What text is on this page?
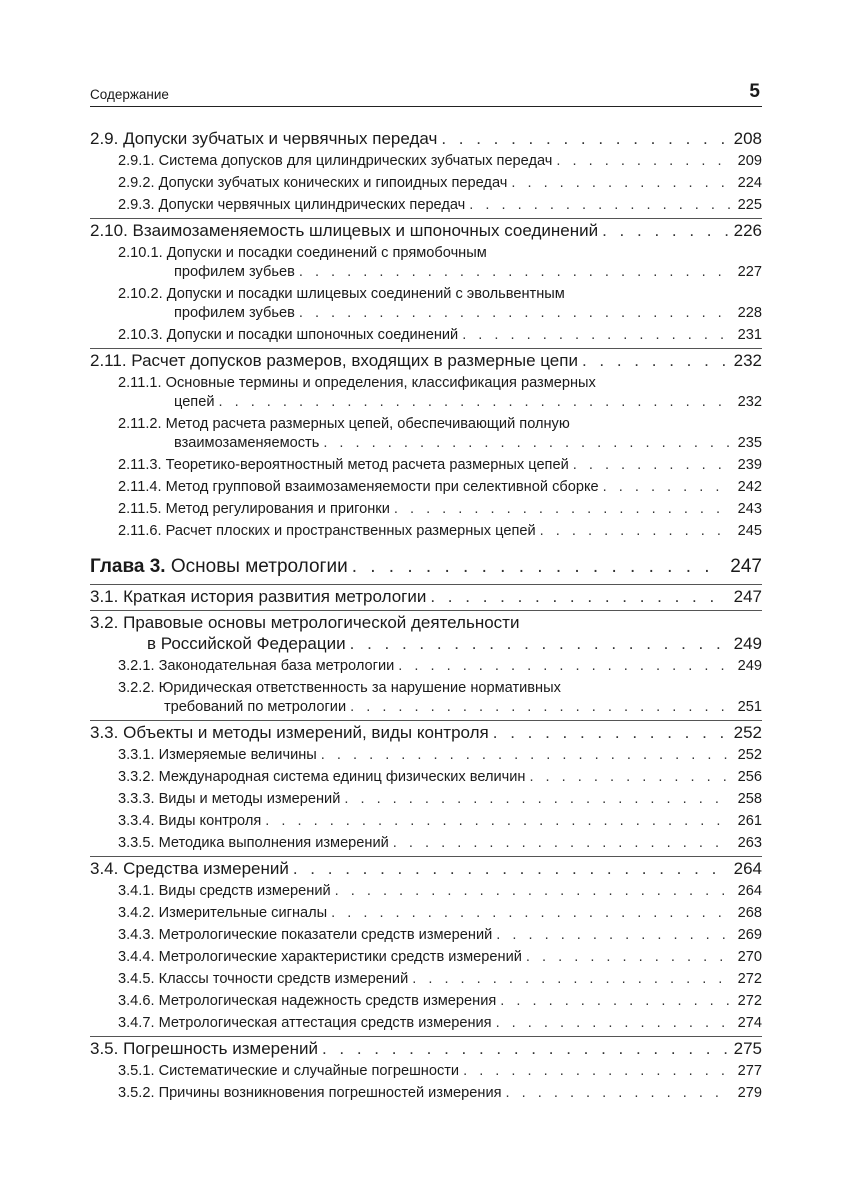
Содержание	5
2.9. Допуски зубчатых и червячных передач . . .	208
2.9.1. Система допусков для цилиндрических зубчатых передач . . .	209
2.9.2. Допуски зубчатых конических и гипоидных передач . . .	224
2.9.3. Допуски червячных цилиндрических передач . . .	225
2.10. Взаимозаменяемость шлицевых и шпоночных соединений . . .	226
2.10.1. Допуски и посадки соединений с прямобочным
профилем зубьев . . .	227
2.10.2. Допуски и посадки шлицевых соединений с эвольвентным
профилем зубьев . . .	228
2.10.3. Допуски и посадки шпоночных соединений . . .	231
2.11. Расчет допусков размеров, входящих в размерные цепи . . .	232
2.11.1. Основные термины и определения, классификация размерных
цепей . . .	232
2.11.2. Метод расчета размерных цепей, обеспечивающий полную
взаимозаменяемость . . .	235
2.11.3. Теоретико-вероятностный метод расчета размерных цепей . . .	239
2.11.4. Метод групповой взаимозаменяемости при селективной сборке . . .	242
2.11.5. Метод регулирования и пригонки . . .	243
2.11.6. Расчет плоских и пространственных размерных цепей . . .	245
Глава 3. Основы метрологии . . .	247
3.1. Краткая история развития метрологии . . .	247
3.2. Правовые основы метрологической деятельности
в Российской Федерации . . .	249
3.2.1. Законодательная база метрологии . . .	249
3.2.2. Юридическая ответственность за нарушение нормативных
требований по метрологии . . .	251
3.3. Объекты и методы измерений, виды контроля . . .	252
3.3.1. Измеряемые величины . . .	252
3.3.2. Международная система единиц физических величин . . .	256
3.3.3. Виды и методы измерений . . .	258
3.3.4. Виды контроля . . .	261
3.3.5. Методика выполнения измерений . . .	263
3.4. Средства измерений . . .	264
3.4.1. Виды средств измерений . . .	264
3.4.2. Измерительные сигналы . . .	268
3.4.3. Метрологические показатели средств измерений . . .	269
3.4.4. Метрологические характеристики средств измерений . . .	270
3.4.5. Классы точности средств измерений . . .	272
3.4.6. Метрологическая надежность средств измерения . . .	272
3.4.7. Метрологическая аттестация средств измерения . . .	274
3.5. Погрешность измерений . . .	275
3.5.1. Систематические и случайные погрешности . . .	277
3.5.2. Причины возникновения погрешностей измерения . . .	279
